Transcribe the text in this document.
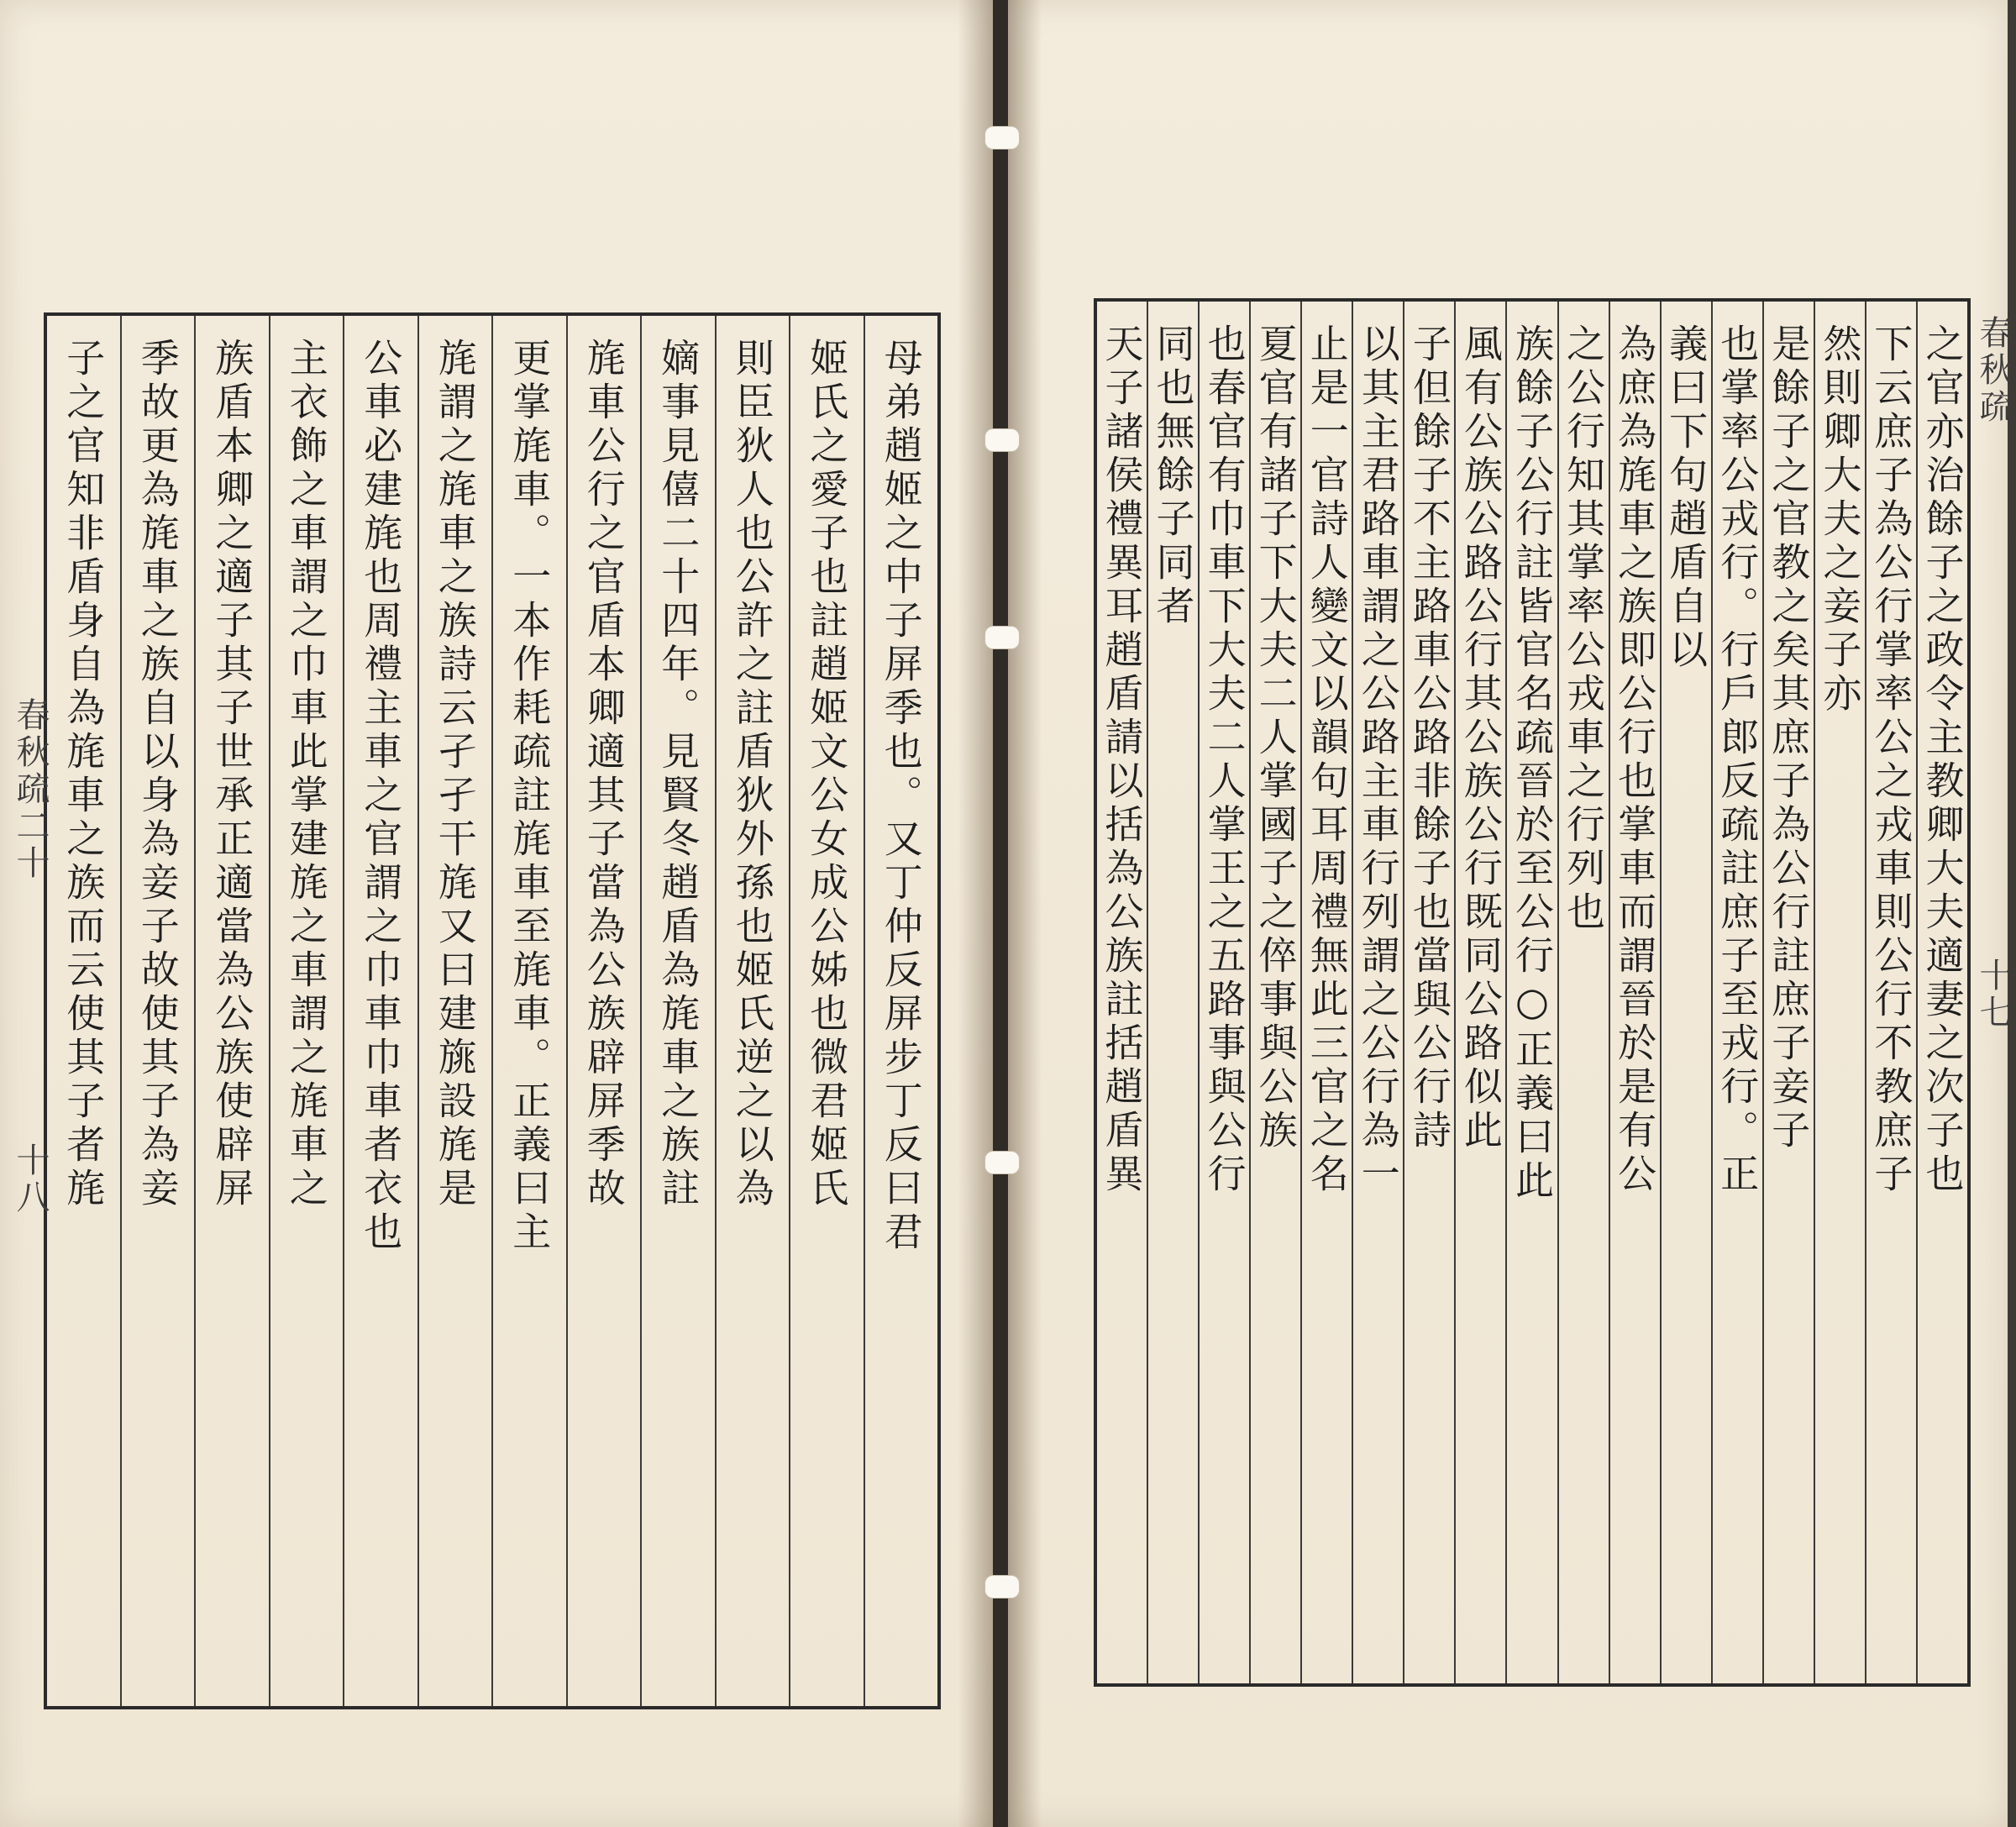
母弟趙姬之中子屏季也。又丁仲反屏步丁反曰君
姬氏之愛子也註趙姬文公女成公姊也微君姬氏
則臣狄人也公許之註盾狄外孫也姬氏逆之以為
嫡事見僖二十四年。見賢冬趙盾為旄車之族註
旄車公行之官盾本卿適其子當為公族辟屏季故
更掌旄車。一本作耗疏註旄車至旄車。正義曰主
旄謂之旄車之族詩云孑孑干旄又曰建旐設旄是
公車必建旄也周禮主車之官謂之巾車巾車者衣也
主衣飾之車謂之巾車此掌建旄之車謂之旄車之
族盾本卿之適子其子世承正適當為公族使辟屏
季故更為旄車之族自以身為妾子故使其子為妾
子之官知非盾身自為旄車之族而云使其子者旄
春秋疏二十
十八	之官亦治餘子之政令主教卿大夫適妻之次子也
下云庶子為公行掌率公之戎車則公行不教庶子
然則卿大夫之妾子亦
是餘子之官教之矣其庶子為公行註庶子妾子
也掌率公戎行。行戶郎反疏註庶子至戎行。正
義曰下句趙盾自以
為庶為旄車之族即公行也掌車而謂晉於是有公
之公行知其掌率公戎車之行列也
族餘子公行註皆官名疏晉於至公行○正義曰此
風有公族公路公行其公族公行既同公路似此
子但餘子不主路車公路非餘子也當與公行詩
以其主君路車謂之公路主車行列謂之公行為一
止是一官詩人變文以韻句耳周禮無此三官之名
夏官有諸子下大夫二人掌國子之倅事與公族
也春官有巾車下大夫二人掌王之五路事與公行
同也無餘子同者
天子諸侯禮異耳趙盾請以括為公族註括趙盾異	春秋疏
十七
